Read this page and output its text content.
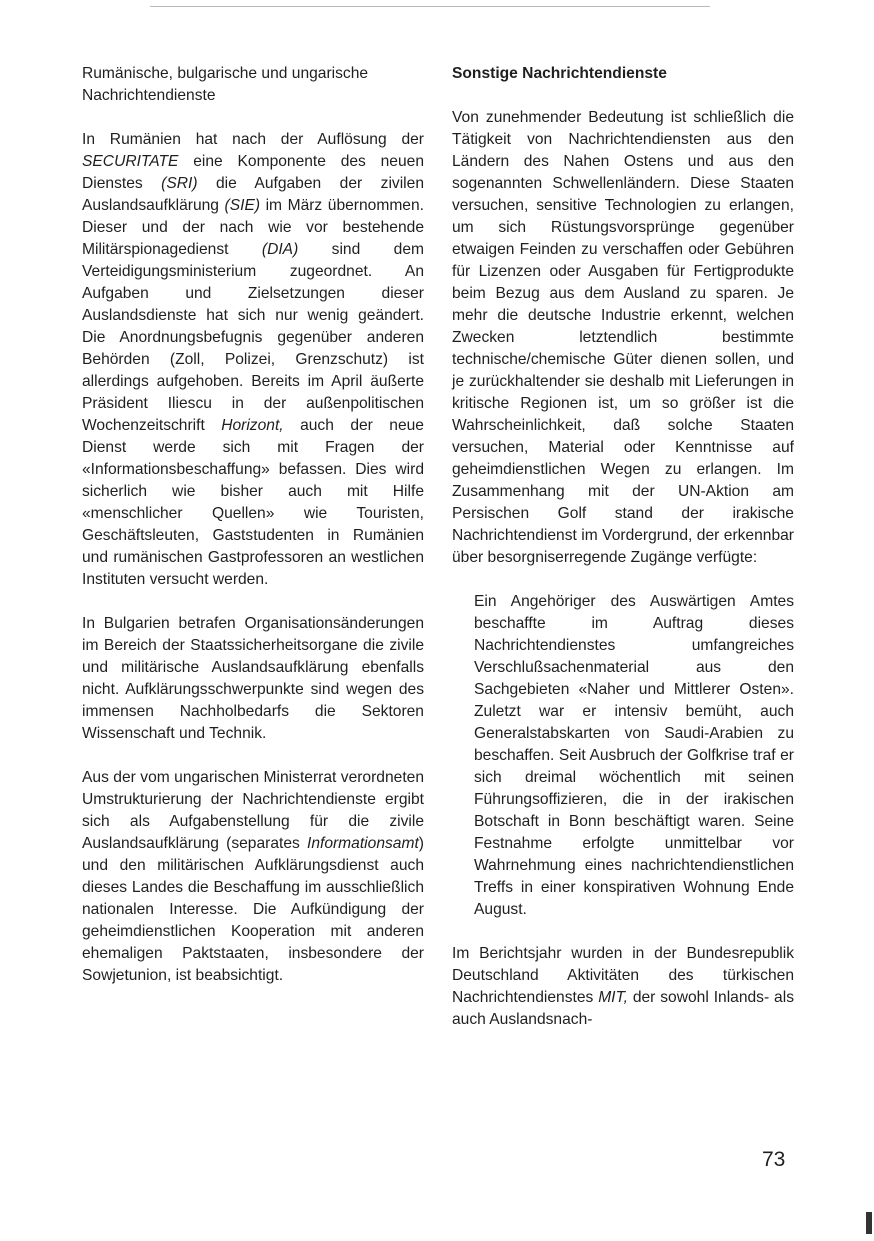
Rumänische, bulgarische und ungarische Nachrichtendienste

In Rumänien hat nach der Auflösung der SECURITATE eine Komponente des neuen Dienstes (SRI) die Aufgaben der zivilen Auslandsaufklärung (SIE) im März übernommen. Dieser und der nach wie vor bestehende Militärspionagedienst (DIA) sind dem Verteidigungsministerium zugeordnet. An Aufgaben und Zielsetzungen dieser Auslandsdienste hat sich nur wenig geändert. Die Anordnungsbefugnis gegenüber anderen Behörden (Zoll, Polizei, Grenzschutz) ist allerdings aufgehoben. Bereits im April äußerte Präsident Iliescu in der außenpolitischen Wochenzeitschrift Horizont, auch der neue Dienst werde sich mit Fragen der «Informationsbeschaffung» befassen. Dies wird sicherlich wie bisher auch mit Hilfe «menschlicher Quellen» wie Touristen, Geschäftsleuten, Gaststudenten in Rumänien und rumänischen Gastprofessoren an westlichen Instituten versucht werden.

In Bulgarien betrafen Organisationsänderungen im Bereich der Staatssicherheitsorgane die zivile und militärische Auslandsaufklärung ebenfalls nicht. Aufklärungsschwerpunkte sind wegen des immensen Nachholbedarfs die Sektoren Wissenschaft und Technik.

Aus der vom ungarischen Ministerrat verordneten Umstrukturierung der Nachrichtendienste ergibt sich als Aufgabenstellung für die zivile Auslandsaufklärung (separates Informationsamt) und den militärischen Aufklärungsdienst auch dieses Landes die Beschaffung im ausschließlich nationalen Interesse. Die Aufkündigung der geheimdienstlichen Kooperation mit anderen ehemaligen Paktstaaten, insbesondere der Sowjetunion, ist beabsichtigt.

Sonstige Nachrichtendienste

Von zunehmender Bedeutung ist schließlich die Tätigkeit von Nachrichtendiensten aus den Ländern des Nahen Ostens und aus den sogenannten Schwellenländern. Diese Staaten versuchen, sensitive Technologien zu erlangen, um sich Rüstungsvorsprünge gegenüber etwaigen Feinden zu verschaffen oder Gebühren für Lizenzen oder Ausgaben für Fertigprodukte beim Bezug aus dem Ausland zu sparen. Je mehr die deutsche Industrie erkennt, welchen Zwecken letztendlich bestimmte technische/chemische Güter dienen sollen, und je zurückhaltender sie deshalb mit Lieferungen in kritische Regionen ist, um so größer ist die Wahrscheinlichkeit, daß solche Staaten versuchen, Material oder Kenntnisse auf geheimdienstlichen Wegen zu erlangen. Im Zusammenhang mit der UN-Aktion am Persischen Golf stand der irakische Nachrichtendienst im Vordergrund, der erkennbar über besorgniserregende Zugänge verfügte:

Ein Angehöriger des Auswärtigen Amtes beschaffte im Auftrag dieses Nachrichtendienstes umfangreiches Verschlußsachenmaterial aus den Sachgebieten «Naher und Mittlerer Osten». Zuletzt war er intensiv bemüht, auch Generalstabskarten von Saudi-Arabien zu beschaffen. Seit Ausbruch der Golfkrise traf er sich dreimal wöchentlich mit seinen Führungsoffizieren, die in der irakischen Botschaft in Bonn beschäftigt waren. Seine Festnahme erfolgte unmittelbar vor Wahrnehmung eines nachrichtendienstlichen Treffs in einer konspirativen Wohnung Ende August.

Im Berichtsjahr wurden in der Bundesrepublik Deutschland Aktivitäten des türkischen Nachrichtendienstes MIT, der sowohl Inlands- als auch Auslandsnach-

73
